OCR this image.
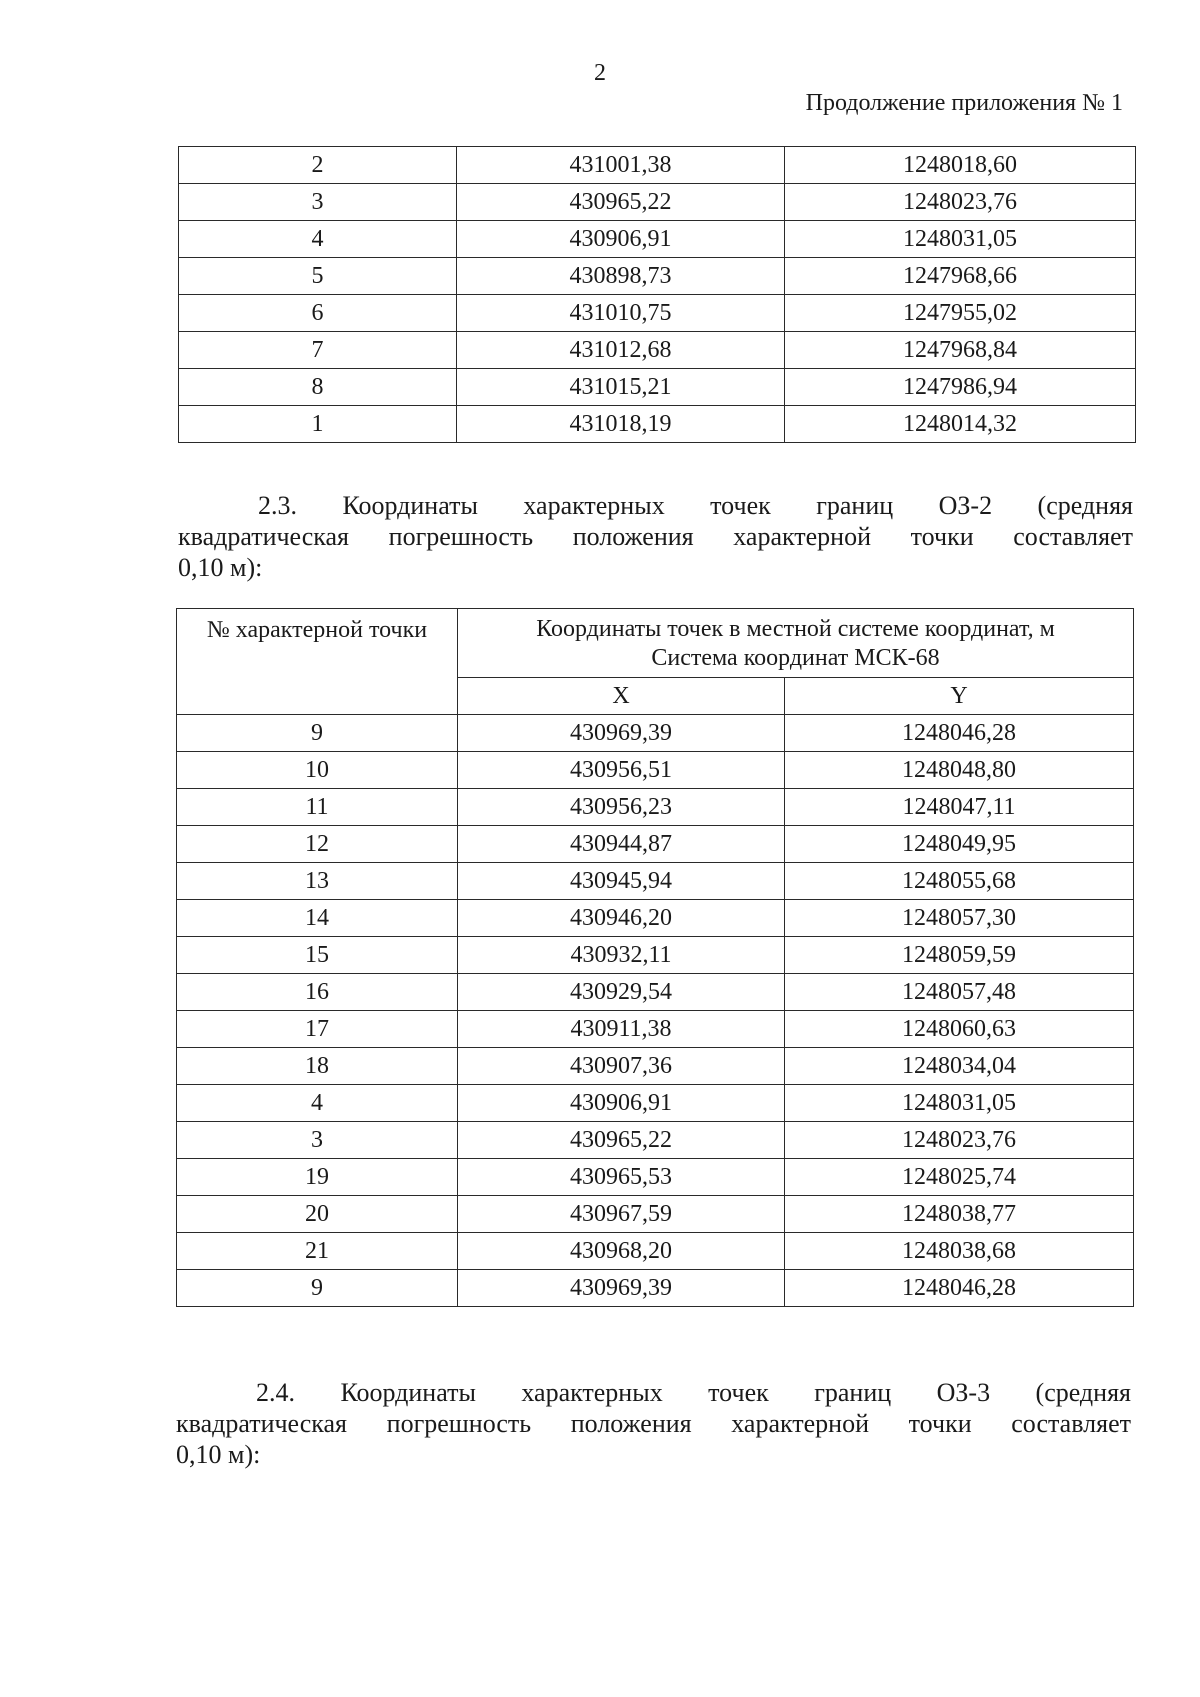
2
Продолжение приложения № 1
2	431001,38	1248018,60
3	430965,22	1248023,76
4	430906,91	1248031,05
5	430898,73	1247968,66
6	431010,75	1247955,02
7	431012,68	1247968,84
8	431015,21	1247986,94
1	431018,19	1248014,32
2.3. Координаты характерных точек границ ОЗ-2 (средняя
квадратическая погрешность положения характерной точки составляет
0,10 м):
№ характерной точки	Координаты точек в местной системе координат, м
Система координат МСК-68	
	X	Y
9	430969,39	1248046,28
10	430956,51	1248048,80
11	430956,23	1248047,11
12	430944,87	1248049,95
13	430945,94	1248055,68
14	430946,20	1248057,30
15	430932,11	1248059,59
16	430929,54	1248057,48
17	430911,38	1248060,63
18	430907,36	1248034,04
4	430906,91	1248031,05
3	430965,22	1248023,76
19	430965,53	1248025,74
20	430967,59	1248038,77
21	430968,20	1248038,68
9	430969,39	1248046,28
2.4. Координаты характерных точек границ ОЗ-3 (средняя
квадратическая погрешность положения характерной точки составляет
0,10 м):
